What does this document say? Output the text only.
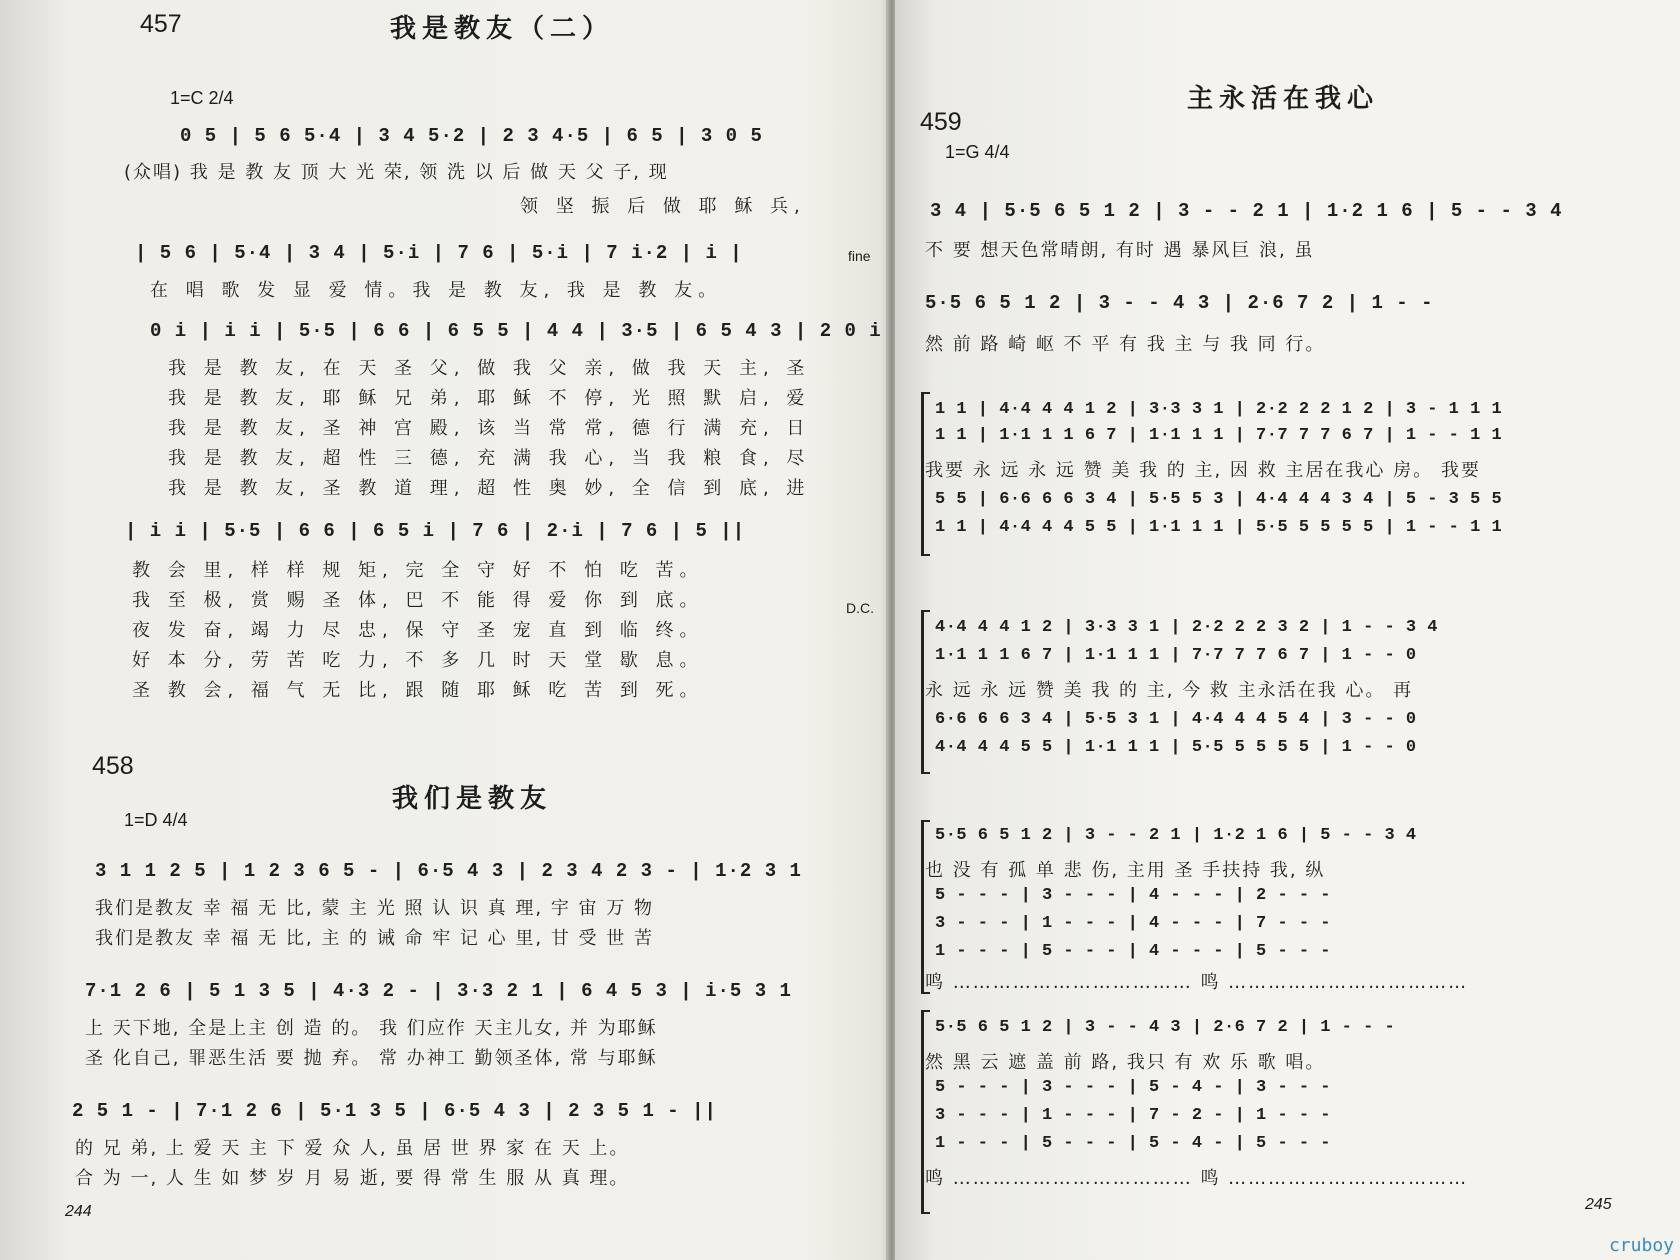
457	我是教友（二）
1=C 2/4
0 5 | 5 6 5·4 | 3 4 5·2 | 2 3 4·5 | 6 5 | 3 0 5
(众唱) 我 是 教 友 顶 大 光 荣, 领 洗 以 后 做 天 父 子, 现
领 坚 振 后 做 耶 稣 兵,
| 5 6 | 5·4 | 3 4 | 5·i | 7 6 | 5·i | 7 i·2 | i |	fine
在 唱 歌 发 显 爱 情。我 是 教 友, 我 是 教 友。
0 i | i i | 5·5 | 6 6 | 6 5 5 | 4 4 | 3·5 | 6 5 4 3 | 2 0 i
我 是 教 友, 在 天 圣 父, 做 我 父 亲, 做 我 天 主, 圣
我 是 教 友, 耶 稣 兄 弟, 耶 稣 不 停, 光 照 默 启, 爱
我 是 教 友, 圣 神 宫 殿, 该 当 常 常, 德 行 满 充, 日
我 是 教 友, 超 性 三 德, 充 满 我 心, 当 我 粮 食, 尽
我 是 教 友, 圣 教 道 理, 超 性 奥 妙, 全 信 到 底, 进
| i i | 5·5 | 6 6 | 6 5 i | 7 6 | 2·i | 7 6 | 5 ||
教 会 里, 样 样 规 矩, 完 全 守 好 不 怕 吃 苦。
D.C.
我 至 极, 赏 赐 圣 体, 巴 不 能 得 爱 你 到 底。
夜 发 奋, 竭 力 尽 忠, 保 守 圣 宠 直 到 临 终。
好 本 分, 劳 苦 吃 力, 不 多 几 时 天 堂 歇 息。
圣 教 会, 福 气 无 比, 跟 随 耶 稣 吃 苦 到 死。
458
我们是教友
1=D 4/4
3 1 1 2 5 | 1 2 3 6 5 - | 6·5 4 3 | 2 3 4 2 3 - | 1·2 3 1
我们是教友 幸 福 无 比, 蒙 主 光 照 认 识 真 理, 宇 宙 万 物
我们是教友 幸 福 无 比, 主 的 诫 命 牢 记 心 里, 甘 受 世 苦
7·1 2 6 | 5 1 3 5 | 4·3 2 - | 3·3 2 1 | 6 4 5 3 | i·5 3 1
上 天下地, 全是上主 创 造 的。 我 们应作 天主儿女, 并 为耶稣
圣 化自己, 罪恶生活 要 抛 弃。 常 办神工 勤领圣体, 常 与耶稣
2 5 1 - | 7·1 2 6 | 5·1 3 5 | 6·5 4 3 | 2 3 5 1 - ||
的 兄 弟, 上 爱 天 主 下 爱 众 人, 虽 居 世 界 家 在 天 上。
合 为 一, 人 生 如 梦 岁 月 易 逝, 要 得 常 生 服 从 真 理。
244
459
主永活在我心
1=G 4/4
3 4 | 5·5 6 5 1 2 | 3 - - 2 1 | 1·2 1 6 | 5 - - 3 4
不 要 想天色常晴朗, 有时 遇 暴风巨 浪, 虽
5·5 6 5 1 2 | 3 - - 4 3 | 2·6 7 2 | 1 - -
然 前 路 崎 岖 不 平 有 我 主 与 我 同 行。
1 1 | 4·4 4 4 1 2 | 3·3 3 1 | 2·2 2 2 1 2 | 3 - 1 1 1
1 1 | 1·1 1 1 6 7 | 1·1 1 1 | 7·7 7 7 6 7 | 1 - - 1 1
我要 永 远 永 远 赞 美 我 的 主, 因 救 主居在我心 房。 我要
5 5 | 6·6 6 6 3 4 | 5·5 5 3 | 4·4 4 4 3 4 | 5 - 3 5 5
1 1 | 4·4 4 4 5 5 | 1·1 1 1 | 5·5 5 5 5 5 | 1 - - 1 1
4·4 4 4 1 2 | 3·3 3 1 | 2·2 2 2 3 2 | 1 - - 3 4
1·1 1 1 6 7 | 1·1 1 1 | 7·7 7 7 6 7 | 1 - - 0
永 远 永 远 赞 美 我 的 主, 今 救 主永活在我 心。 再
6·6 6 6 3 4 | 5·5 3 1 | 4·4 4 4 5 4 | 3 - - 0
4·4 4 4 5 5 | 1·1 1 1 | 5·5 5 5 5 5 | 1 - - 0
5·5 6 5 1 2 | 3 - - 2 1 | 1·2 1 6 | 5 - - 3 4
也 没 有 孤 单 悲 伤, 主用 圣 手扶持 我, 纵
5 - - - | 3 - - - | 4 - - - | 2 - - -
3 - - - | 1 - - - | 4 - - - | 7 - - -
1 - - - | 5 - - - | 4 - - - | 5 - - -
鸣 ……………………………… 鸣 ………………………………
5·5 6 5 1 2 | 3 - - 4 3 | 2·6 7 2 | 1 - - -
然 黑 云 遮 盖 前 路, 我只 有 欢 乐 歌 唱。
5 - - - | 3 - - - | 5 - 4 - | 3 - - -
3 - - - | 1 - - - | 7 - 2 - | 1 - - -
1 - - - | 5 - - - | 5 - 4 - | 5 - - -
鸣 ……………………………… 鸣 ………………………………
245
cruboy
